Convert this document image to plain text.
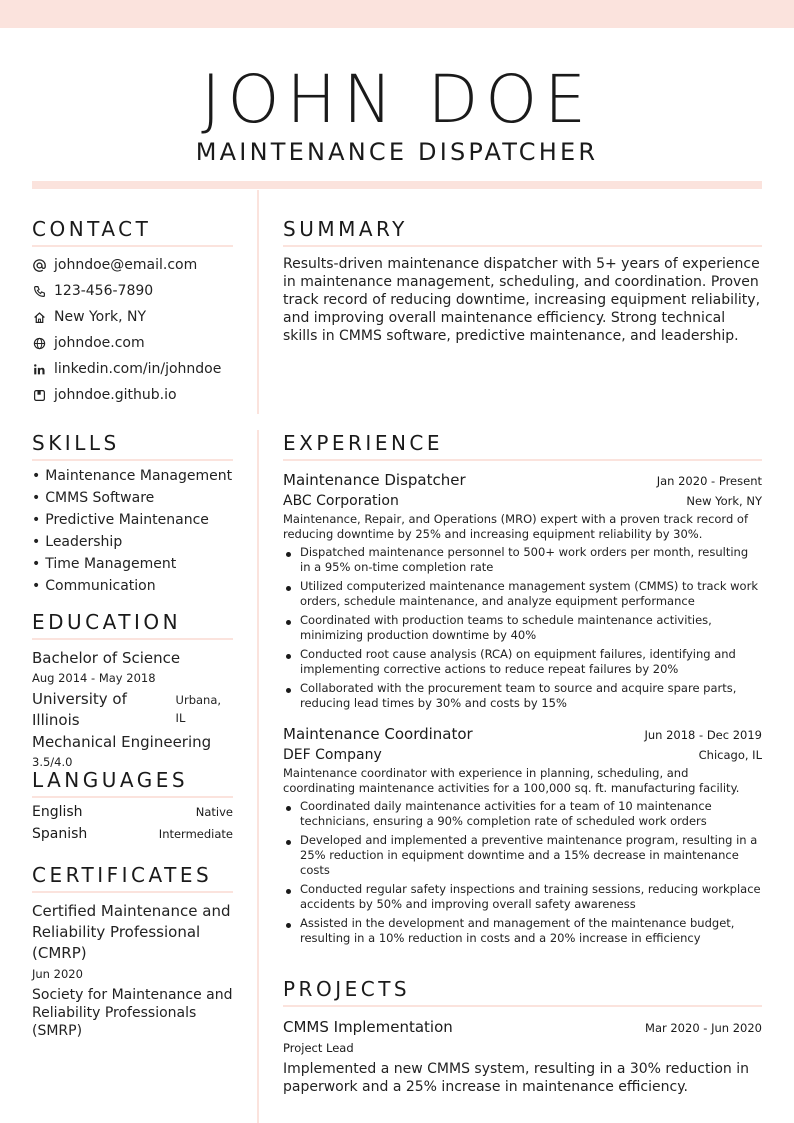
JOHN DOE
MAINTENANCE DISPATCHER
CONTACT
johndoe@email.com
123-456-7890
New York, NY
johndoe.com
linkedin.com/in/johndoe
johndoe.github.io
SKILLS
• Maintenance Management
• CMMS Software
• Predictive Maintenance
• Leadership
• Time Management
• Communication
EDUCATION
Bachelor of Science
Aug 2014 - May 2018
University of Illinois
Urbana, IL
Mechanical Engineering
3.5/4.0
LANGUAGES
English	Native
Spanish	Intermediate
CERTIFICATES
Certified Maintenance and Reliability Professional (CMRP)
Jun 2020
Society for Maintenance and Reliability Professionals (SMRP)
SUMMARY
Results-driven maintenance dispatcher with 5+ years of experience in maintenance management, scheduling, and coordination. Proven track record of reducing downtime, increasing equipment reliability, and improving overall maintenance efficiency. Strong technical skills in CMMS software, predictive maintenance, and leadership.
EXPERIENCE
Maintenance Dispatcher	Jan 2020 - Present
ABC Corporation	New York, NY
Maintenance, Repair, and Operations (MRO) expert with a proven track record of reducing downtime by 25% and increasing equipment reliability by 30%.
Dispatched maintenance personnel to 500+ work orders per month, resulting in a 95% on-time completion rate
Utilized computerized maintenance management system (CMMS) to track work orders, schedule maintenance, and analyze equipment performance
Coordinated with production teams to schedule maintenance activities, minimizing production downtime by 40%
Conducted root cause analysis (RCA) on equipment failures, identifying and implementing corrective actions to reduce repeat failures by 20%
Collaborated with the procurement team to source and acquire spare parts, reducing lead times by 30% and costs by 15%
Maintenance Coordinator	Jun 2018 - Dec 2019
DEF Company	Chicago, IL
Maintenance coordinator with experience in planning, scheduling, and coordinating maintenance activities for a 100,000 sq. ft. manufacturing facility.
Coordinated daily maintenance activities for a team of 10 maintenance technicians, ensuring a 90% completion rate of scheduled work orders
Developed and implemented a preventive maintenance program, resulting in a 25% reduction in equipment downtime and a 15% decrease in maintenance costs
Conducted regular safety inspections and training sessions, reducing workplace accidents by 50% and improving overall safety awareness
Assisted in the development and management of the maintenance budget, resulting in a 10% reduction in costs and a 20% increase in efficiency
PROJECTS
CMMS Implementation	Mar 2020 - Jun 2020
Project Lead
Implemented a new CMMS system, resulting in a 30% reduction in paperwork and a 25% increase in maintenance efficiency.
